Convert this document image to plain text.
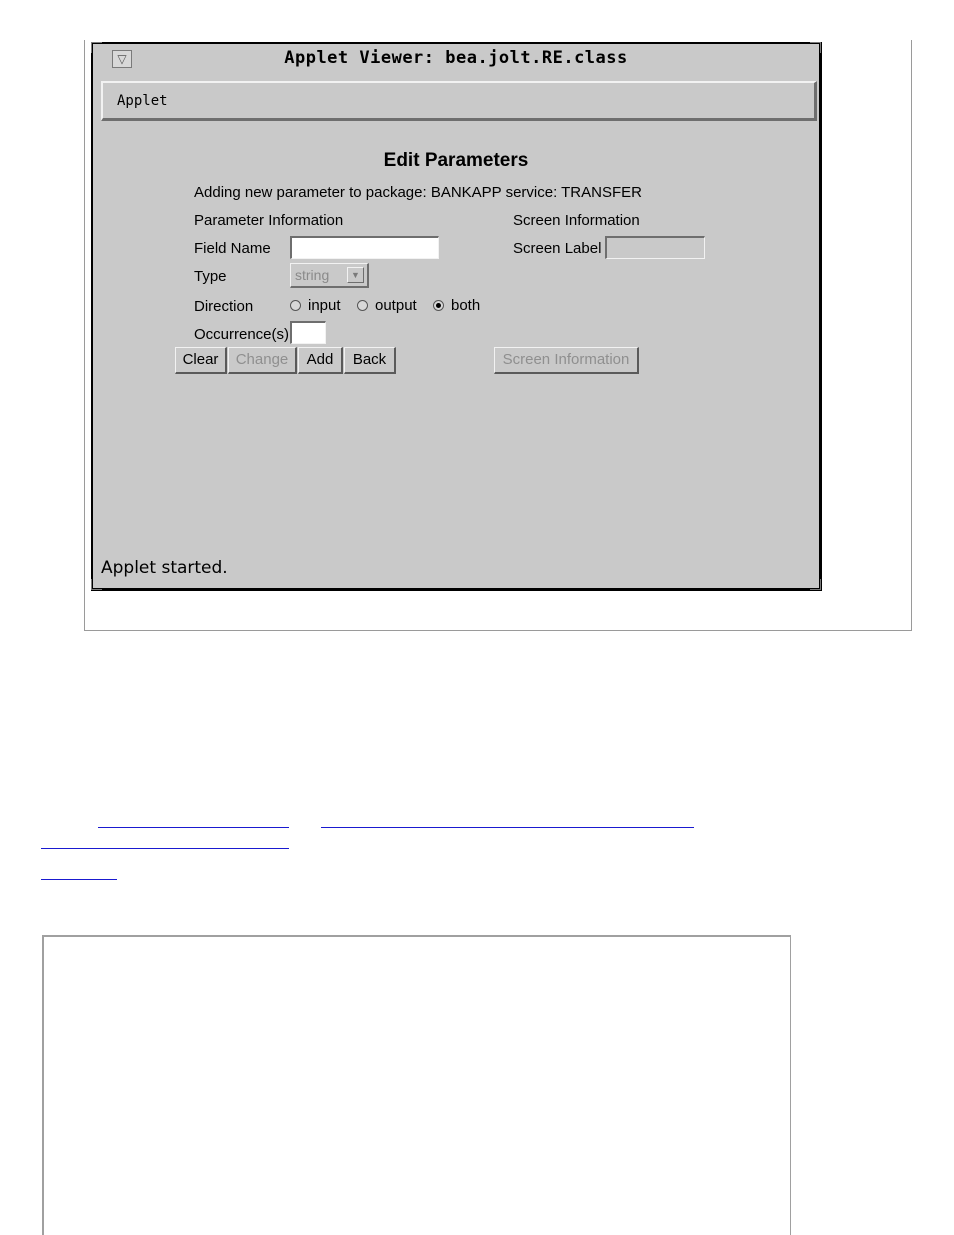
▽	Applet Viewer: bea.jolt.RE.class
Applet
Edit Parameters
Adding new parameter to package: BANKAPP service: TRANSFER
Parameter Information	Screen Information
Field Name	Screen Label
Type	string	▼
Direction	input output both
Occurrence(s)
Clear	Change	Add	Back	Screen Information
Applet started.
